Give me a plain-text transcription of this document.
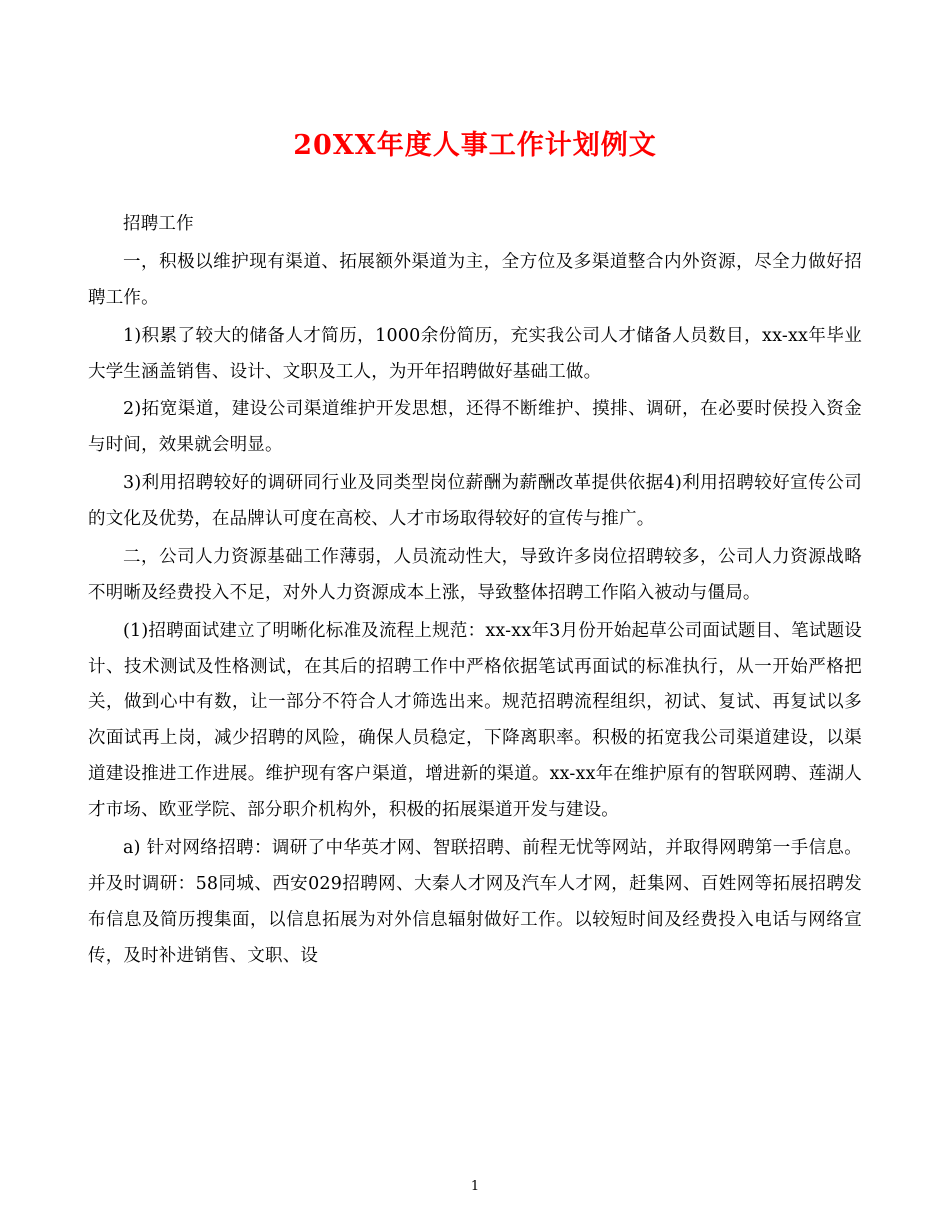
20XX年度人事工作计划例文

招聘工作

一，积极以维护现有渠道、拓展额外渠道为主，全方位及多渠道整合内外资源，尽全力做好招聘工作。

1)积累了较大的储备人才简历，1000余份简历，充实我公司人才储备人员数目，xx-xx年毕业大学生涵盖销售、设计、文职及工人，为开年招聘做好基础工做。

2)拓宽渠道，建设公司渠道维护开发思想，还得不断维护、摸排、调研，在必要时侯投入资金与时间，效果就会明显。

3)利用招聘较好的调研同行业及同类型岗位薪酬为薪酬改革提供依据4)利用招聘较好宣传公司的文化及优势，在品牌认可度在高校、人才市场取得较好的宣传与推广。

二，公司人力资源基础工作薄弱，人员流动性大，导致许多岗位招聘较多，公司人力资源战略不明晰及经费投入不足，对外人力资源成本上涨，导致整体招聘工作陷入被动与僵局。

(1)招聘面试建立了明晰化标准及流程上规范：xx-xx年3月份开始起草公司面试题目、笔试题设计、技术测试及性格测试，在其后的招聘工作中严格依据笔试再面试的标准执行，从一开始严格把关，做到心中有数，让一部分不符合人才筛选出来。规范招聘流程组织，初试、复试、再复试以多次面试再上岗，减少招聘的风险，确保人员稳定，下降离职率。积极的拓宽我公司渠道建设，以渠道建设推进工作进展。维护现有客户渠道，增进新的渠道。xx-xx年在维护原有的智联网聘、莲湖人才市场、欧亚学院、部分职介机构外，积极的拓展渠道开发与建设。

a) 针对网络招聘：调研了中华英才网、智联招聘、前程无忧等网站，并取得网聘第一手信息。并及时调研：58同城、西安029招聘网、大秦人才网及汽车人才网，赶集网、百姓网等拓展招聘发布信息及简历搜集面，以信息拓展为对外信息辐射做好工作。以较短时间及经费投入电话与网络宣传，及时补进销售、文职、设

1
